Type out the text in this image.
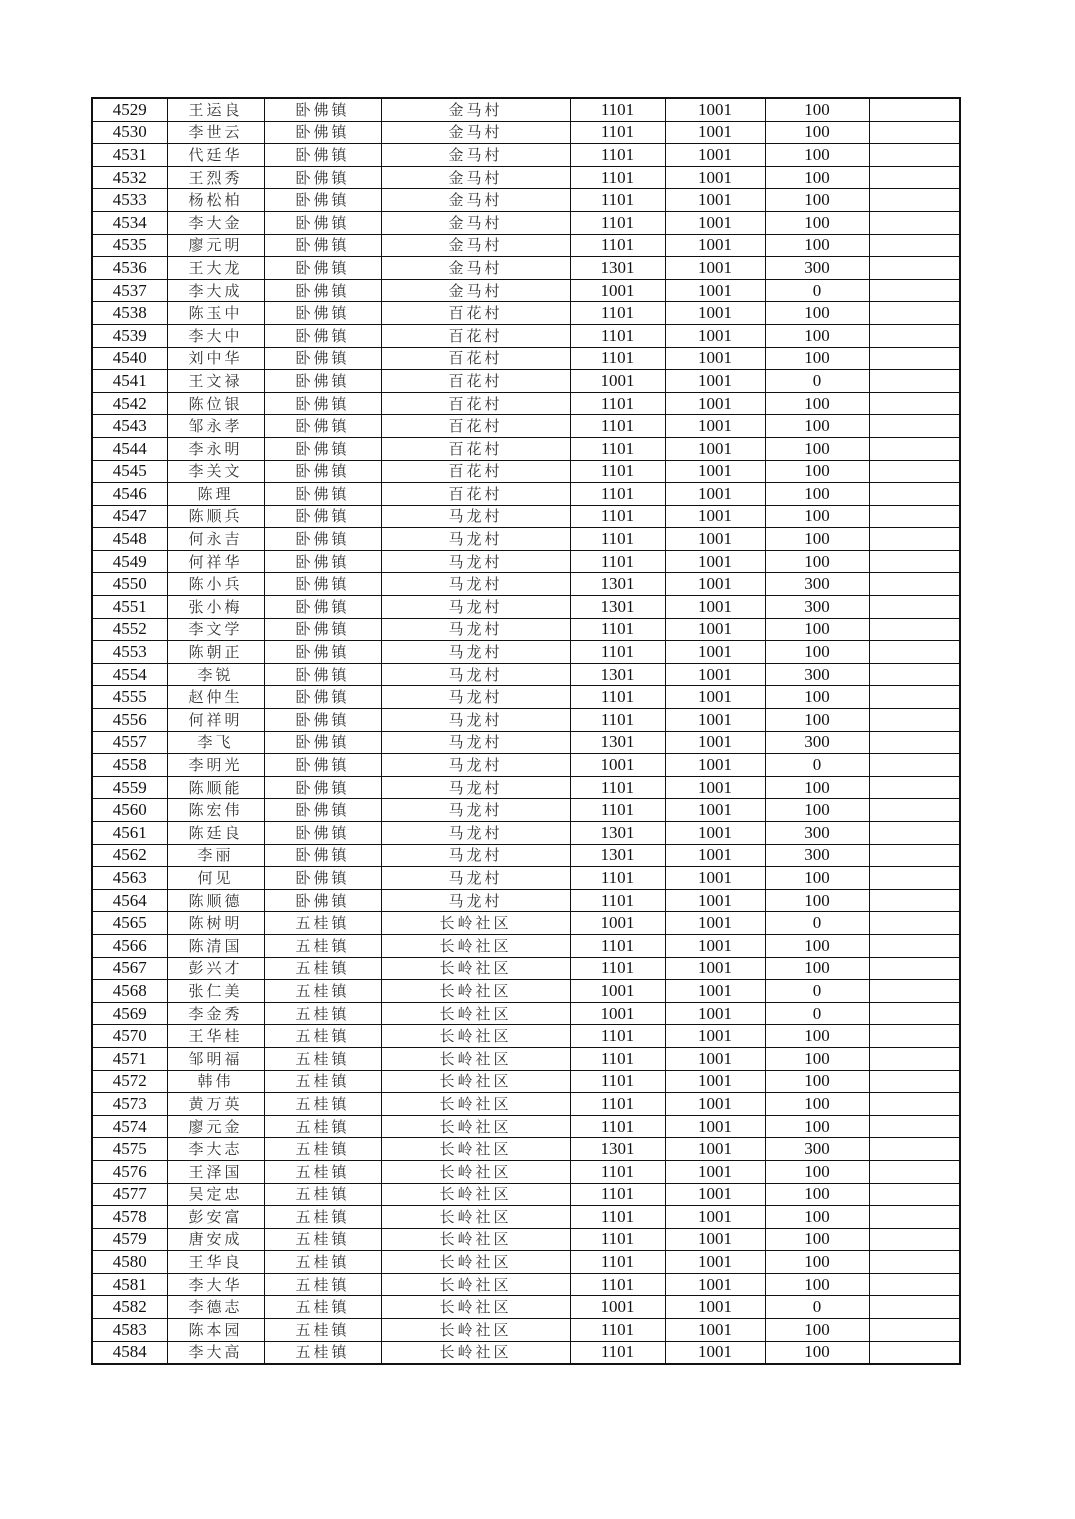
4529	王运良	卧佛镇	金马村	1101	1001	100	
4530	李世云	卧佛镇	金马村	1101	1001	100	
4531	代廷华	卧佛镇	金马村	1101	1001	100	
4532	王烈秀	卧佛镇	金马村	1101	1001	100	
4533	杨松柏	卧佛镇	金马村	1101	1001	100	
4534	李大金	卧佛镇	金马村	1101	1001	100	
4535	廖元明	卧佛镇	金马村	1101	1001	100	
4536	王大龙	卧佛镇	金马村	1301	1001	300	
4537	李大成	卧佛镇	金马村	1001	1001	0	
4538	陈玉中	卧佛镇	百花村	1101	1001	100	
4539	李大中	卧佛镇	百花村	1101	1001	100	
4540	刘中华	卧佛镇	百花村	1101	1001	100	
4541	王文禄	卧佛镇	百花村	1001	1001	0	
4542	陈位银	卧佛镇	百花村	1101	1001	100	
4543	邹永孝	卧佛镇	百花村	1101	1001	100	
4544	李永明	卧佛镇	百花村	1101	1001	100	
4545	李关文	卧佛镇	百花村	1101	1001	100	
4546	陈理	卧佛镇	百花村	1101	1001	100	
4547	陈顺兵	卧佛镇	马龙村	1101	1001	100	
4548	何永吉	卧佛镇	马龙村	1101	1001	100	
4549	何祥华	卧佛镇	马龙村	1101	1001	100	
4550	陈小兵	卧佛镇	马龙村	1301	1001	300	
4551	张小梅	卧佛镇	马龙村	1301	1001	300	
4552	李文学	卧佛镇	马龙村	1101	1001	100	
4553	陈朝正	卧佛镇	马龙村	1101	1001	100	
4554	李锐	卧佛镇	马龙村	1301	1001	300	
4555	赵仲生	卧佛镇	马龙村	1101	1001	100	
4556	何祥明	卧佛镇	马龙村	1101	1001	100	
4557	李飞	卧佛镇	马龙村	1301	1001	300	
4558	李明光	卧佛镇	马龙村	1001	1001	0	
4559	陈顺能	卧佛镇	马龙村	1101	1001	100	
4560	陈宏伟	卧佛镇	马龙村	1101	1001	100	
4561	陈廷良	卧佛镇	马龙村	1301	1001	300	
4562	李丽	卧佛镇	马龙村	1301	1001	300	
4563	何见	卧佛镇	马龙村	1101	1001	100	
4564	陈顺德	卧佛镇	马龙村	1101	1001	100	
4565	陈树明	五桂镇	长岭社区	1001	1001	0	
4566	陈清国	五桂镇	长岭社区	1101	1001	100	
4567	彭兴才	五桂镇	长岭社区	1101	1001	100	
4568	张仁美	五桂镇	长岭社区	1001	1001	0	
4569	李金秀	五桂镇	长岭社区	1001	1001	0	
4570	王华桂	五桂镇	长岭社区	1101	1001	100	
4571	邹明福	五桂镇	长岭社区	1101	1001	100	
4572	韩伟	五桂镇	长岭社区	1101	1001	100	
4573	黄万英	五桂镇	长岭社区	1101	1001	100	
4574	廖元金	五桂镇	长岭社区	1101	1001	100	
4575	李大志	五桂镇	长岭社区	1301	1001	300	
4576	王泽国	五桂镇	长岭社区	1101	1001	100	
4577	吴定忠	五桂镇	长岭社区	1101	1001	100	
4578	彭安富	五桂镇	长岭社区	1101	1001	100	
4579	唐安成	五桂镇	长岭社区	1101	1001	100	
4580	王华良	五桂镇	长岭社区	1101	1001	100	
4581	李大华	五桂镇	长岭社区	1101	1001	100	
4582	李德志	五桂镇	长岭社区	1001	1001	0	
4583	陈本园	五桂镇	长岭社区	1101	1001	100	
4584	李大高	五桂镇	长岭社区	1101	1001	100	
